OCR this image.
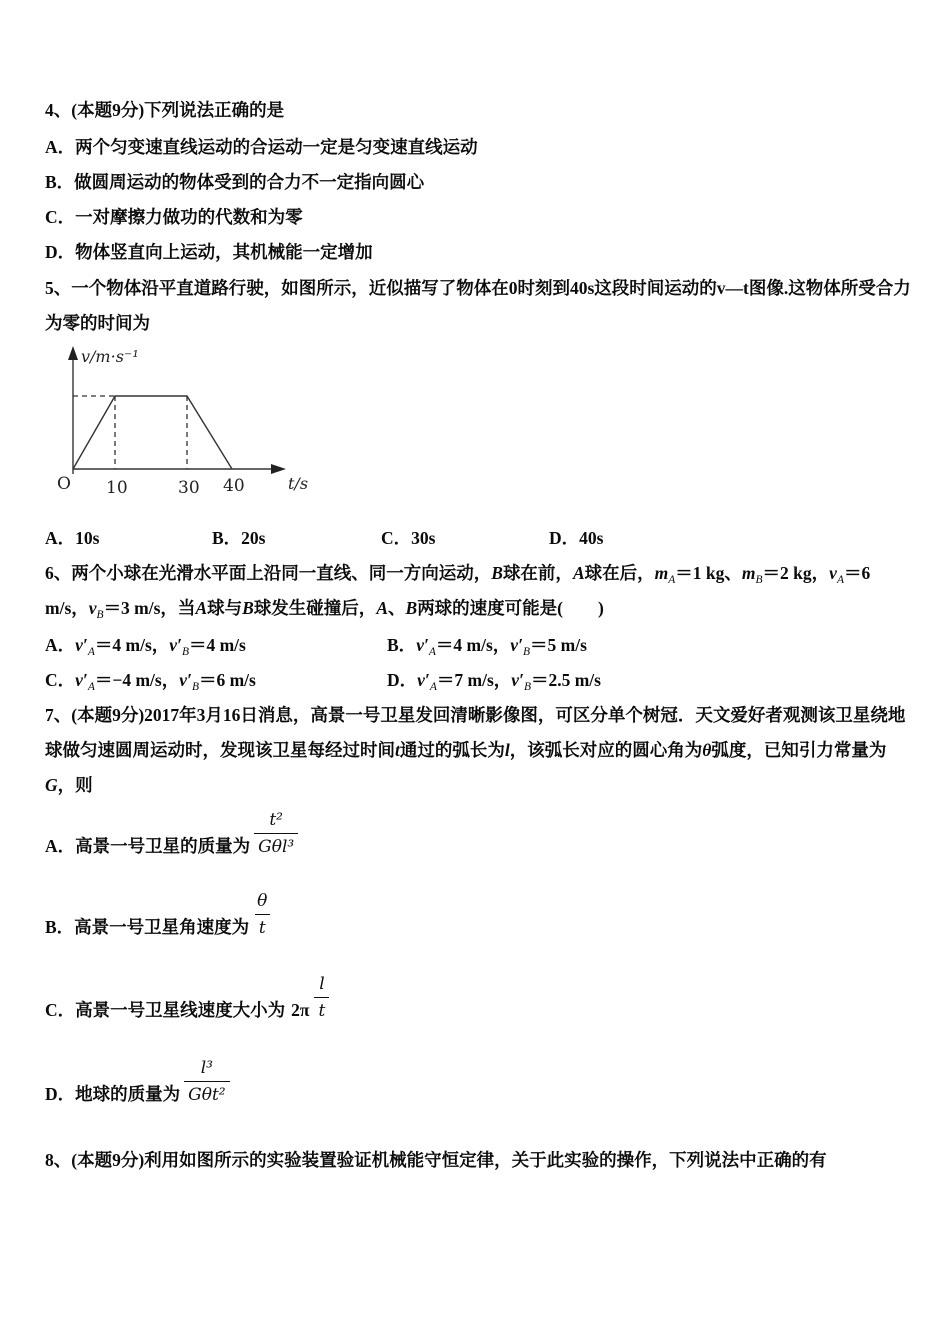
4、(本题9分)下列说法正确的是
A．两个匀变速直线运动的合运动一定是匀变速直线运动
B．做圆周运动的物体受到的合力不一定指向圆心
C．一对摩擦力做功的代数和为零
D．物体竖直向上运动，其机械能一定增加
5、一个物体沿平直道路行驶，如图所示，近似描写了物体在0时刻到40s这段时间运动的v—t图像.这物体所受合力为零的时间为
v/m·s⁻¹
O 10	30 40	t/s
A．10s	B．20s	C．30s	D．40s
6、两个小球在光滑水平面上沿同一直线、同一方向运动，B球在前，A球在后，$m_A=1$ kg、$m_B=2$ kg，$v_A=6$ m/s，$v_B=3$ m/s，当A球与B球发生碰撞后，A、B两球的速度可能是(　　)
A．$v'_A=4$ m/s，$v'_B=4$ m/s	B．$v'_A=4$ m/s，$v'_B=5$ m/s
C．$v'_A=-4$ m/s，$v'_B=6$ m/s	D．$v'_A=7$ m/s，$v'_B=2.5$ m/s
7、(本题9分)2017年3月16日消息，高景一号卫星发回清晰影像图，可区分单个树冠．天文爱好者观测该卫星绕地球做匀速圆周运动时，发现该卫星每经过时间t通过的弧长为l，该弧长对应的圆心角为θ弧度，已知引力常量为G，则
A．高景一号卫星的质量为 $\frac{\text{t²}}{\text{Gθl³}}$
B．高景一号卫星角速度为 $\frac{\theta}{t}$
C．高景一号卫星线速度大小为 $2\pi \frac{l}{t}$
D．地球的质量为 $\frac{\text{l³}}{\text{Gθt²}}$
8、(本题9分)利用如图所示的实验装置验证机械能守恒定律，关于此实验的操作，下列说法中正确的有
